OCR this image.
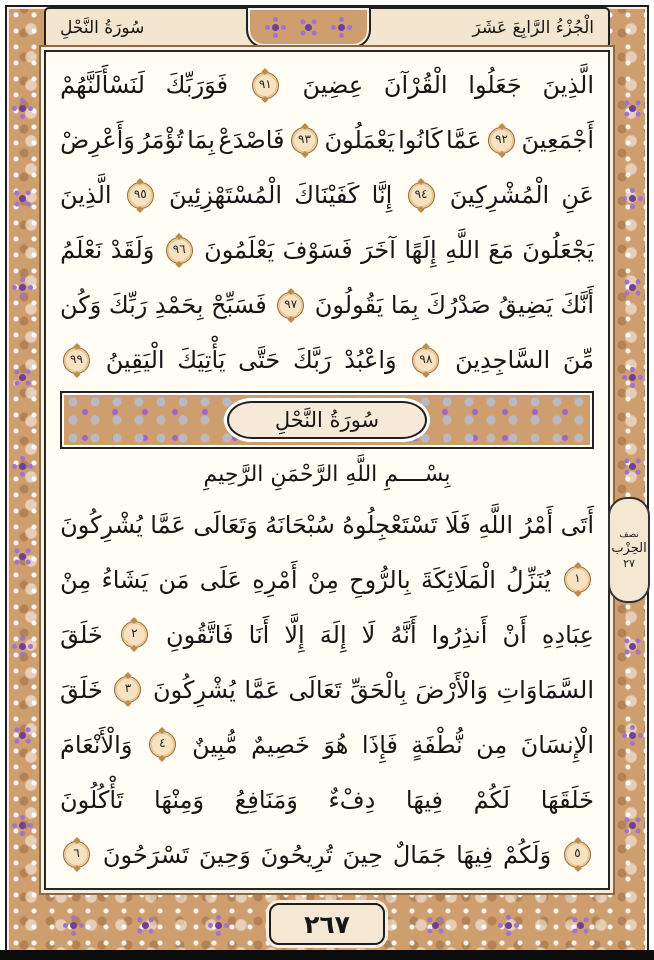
سُورَةُ النَّحْلِ	الْجُزْءُ الرَّابِعَ عَشَرَ
الَّذِينَ
جَعَلُوا
الْقُرْآنَ
عِضِينَ
٩١
فَوَرَبِّكَ
لَنَسْأَلَنَّهُمْ
أَجْمَعِينَ
٩٢
عَمَّا
كَانُوا
يَعْمَلُونَ
٩٣
فَاصْدَعْ
بِمَا
تُؤْمَرُ
وَأَعْرِضْ
عَنِ
الْمُشْرِكِينَ
٩٤
إِنَّا
كَفَيْنَاكَ
الْمُسْتَهْزِئِينَ
٩٥
الَّذِينَ
يَجْعَلُونَ
مَعَ
اللَّهِ
إِلَهًا
آخَرَ
فَسَوْفَ
يَعْلَمُونَ
٩٦
وَلَقَدْ
نَعْلَمُ
أَنَّكَ
يَضِيقُ
صَدْرُكَ
بِمَا
يَقُولُونَ
٩٧
فَسَبِّحْ
بِحَمْدِ
رَبِّكَ
وَكُن
مِّنَ
السَّاجِدِينَ
٩٨
وَاعْبُدْ
رَبَّكَ
حَتَّى
يَأْتِيَكَ
الْيَقِينُ
٩٩
سُورَةُ النَّحْلِ
بِسْــــمِ اللَّهِ الرَّحْمَنِ الرَّحِيمِ
أَتَى
أَمْرُ
اللَّهِ
فَلَا
تَسْتَعْجِلُوهُ
سُبْحَانَهُ
وَتَعَالَى
عَمَّا
يُشْرِكُونَ
١
يُنَزِّلُ
الْمَلَائِكَةَ
بِالرُّوحِ
مِنْ
أَمْرِهِ
عَلَى
مَن
يَشَاءُ
مِنْ
عِبَادِهِ
أَنْ
أَنذِرُوا
أَنَّهُ
لَا
إِلَهَ
إِلَّا
أَنَا
فَاتَّقُونِ
٢
خَلَقَ
السَّمَاوَاتِ
وَالْأَرْضَ
بِالْحَقِّ
تَعَالَى
عَمَّا
يُشْرِكُونَ
٣
خَلَقَ
الْإِنسَانَ
مِن
نُّطْفَةٍ
فَإِذَا
هُوَ
خَصِيمٌ
مُّبِينٌ
٤
وَالْأَنْعَامَ
خَلَقَهَا
لَكُمْ
فِيهَا
دِفْءٌ
وَمَنَافِعُ
وَمِنْهَا
تَأْكُلُونَ
٥
وَلَكُمْ
فِيهَا
جَمَالٌ
حِينَ
تُرِيحُونَ
وَحِينَ
تَسْرَحُونَ
٦
نصف
الحِزْب
٢٧
٢٦٧
